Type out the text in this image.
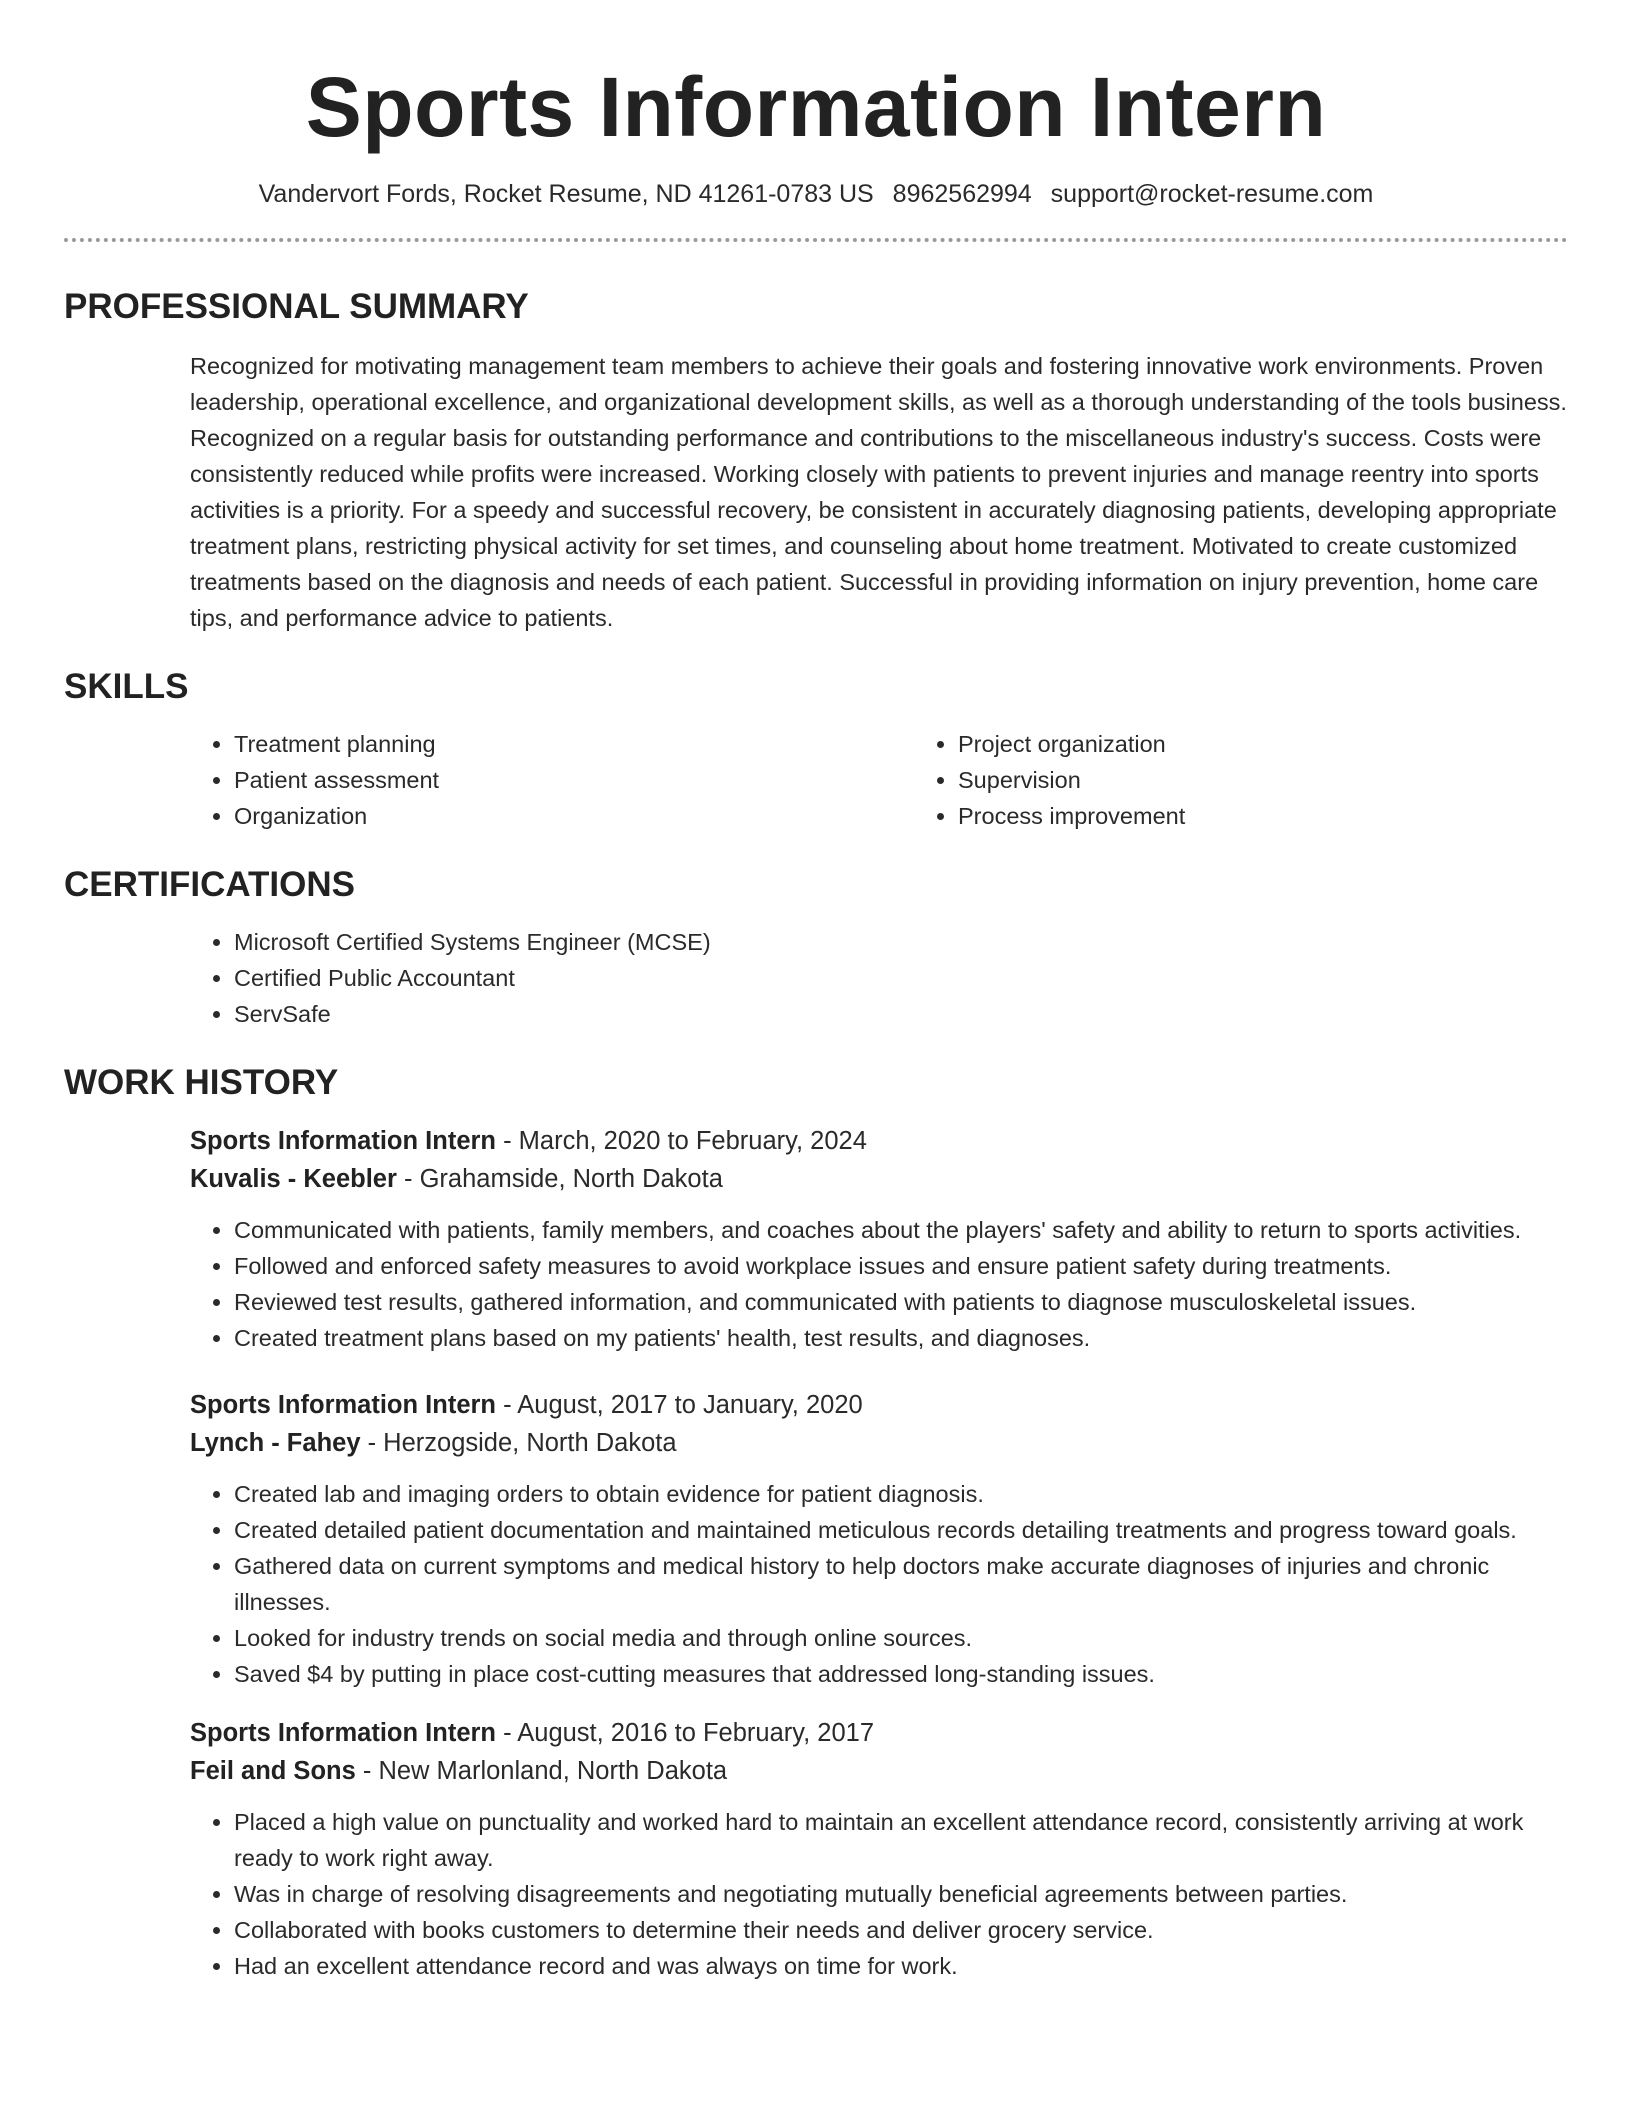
Sports Information Intern
Vandervort Fords, Rocket Resume, ND 41261-0783 US 8962562994 support@rocket-resume.com
PROFESSIONAL SUMMARY
Recognized for motivating management team members to achieve their goals and fostering innovative work environments. Proven leadership, operational excellence, and organizational development skills, as well as a thorough understanding of the tools business. Recognized on a regular basis for outstanding performance and contributions to the miscellaneous industry's success. Costs were consistently reduced while profits were increased. Working closely with patients to prevent injuries and manage reentry into sports activities is a priority. For a speedy and successful recovery, be consistent in accurately diagnosing patients, developing appropriate treatment plans, restricting physical activity for set times, and counseling about home treatment. Motivated to create customized treatments based on the diagnosis and needs of each patient. Successful in providing information on injury prevention, home care tips, and performance advice to patients.
SKILLS
• Treatment planning
• Patient assessment
• Organization
• Project organization
• Supervision
• Process improvement
CERTIFICATIONS
• Microsoft Certified Systems Engineer (MCSE)
• Certified Public Accountant
• ServSafe
WORK HISTORY
Sports Information Intern - March, 2020 to February, 2024
Kuvalis - Keebler - Grahamside, North Dakota
• Communicated with patients, family members, and coaches about the players' safety and ability to return to sports activities.
• Followed and enforced safety measures to avoid workplace issues and ensure patient safety during treatments.
• Reviewed test results, gathered information, and communicated with patients to diagnose musculoskeletal issues.
• Created treatment plans based on my patients' health, test results, and diagnoses.
Sports Information Intern - August, 2017 to January, 2020
Lynch - Fahey - Herzogside, North Dakota
• Created lab and imaging orders to obtain evidence for patient diagnosis.
• Created detailed patient documentation and maintained meticulous records detailing treatments and progress toward goals.
• Gathered data on current symptoms and medical history to help doctors make accurate diagnoses of injuries and chronic illnesses.
• Looked for industry trends on social media and through online sources.
• Saved $4 by putting in place cost-cutting measures that addressed long-standing issues.
Sports Information Intern - August, 2016 to February, 2017
Feil and Sons - New Marlonland, North Dakota
• Placed a high value on punctuality and worked hard to maintain an excellent attendance record, consistently arriving at work ready to work right away.
• Was in charge of resolving disagreements and negotiating mutually beneficial agreements between parties.
• Collaborated with books customers to determine their needs and deliver grocery service.
• Had an excellent attendance record and was always on time for work.
